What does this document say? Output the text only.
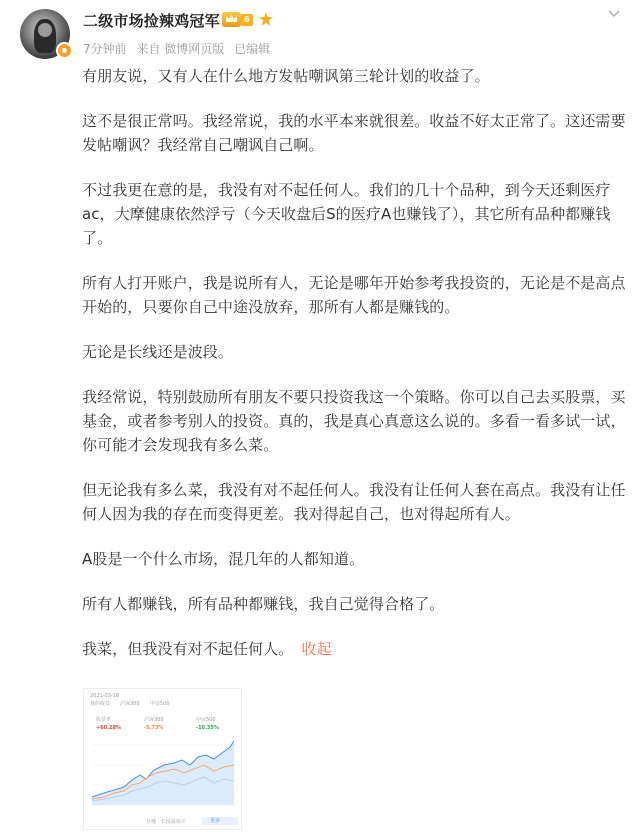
二级市场捡辣鸡冠军	6
7分钟前 来自 微博网页版 已编辑

有朋友说，又有人在什么地方发帖嘲讽第三轮计划的收益了。

这不是很正常吗。我经常说，我的水平本来就很差。收益不好太正常了。这还需要发帖嘲讽？我经常自己嘲讽自己啊。

不过我更在意的是，我没有对不起任何人。我们的几十个品种，到今天还剩医疗ac，大摩健康依然浮亏（今天收盘后S的医疗A也赚钱了），其它所有品种都赚钱了。

所有人打开账户，我是说所有人，无论是哪年开始参考我投资的，无论是不是高点开始的，只要你自己中途没放弃，那所有人都是赚钱的。

无论是长线还是波段。

我经常说，特别鼓励所有朋友不要只投资我这一个策略。你可以自己去买股票，买基金，或者参考别人的投资。真的，我是真心真意这么说的。多看一看多试一试，你可能才会发现我有多么菜。

但无论我有多么菜，我没有对不起任何人。我没有让任何人套在高点。我没有让任何人因为我的存在而变得更差。我对得起自己，也对得起所有人。

A股是一个什么市场，混几年的人都知道。

所有人都赚钱，所有品种都赚钱，我自己觉得合格了。

我菜，但我没有对不起任何人。 收起

2021-03-18
我的收益 沪深300 中证500
收益率	沪深300	中证500
+60.28%	-5.73%	-10.35%
且慢 · 长投温度计	更多
